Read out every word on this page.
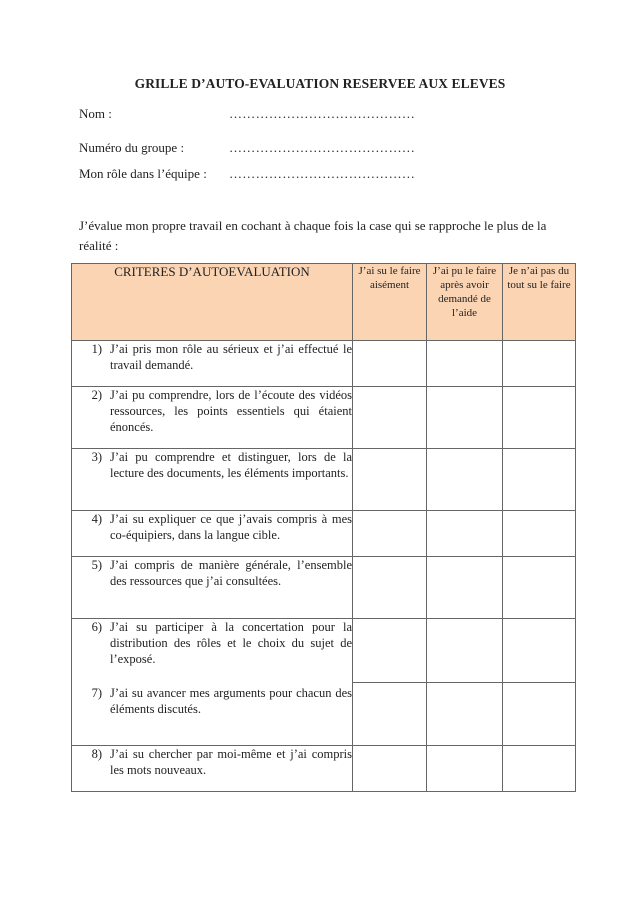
GRILLE D’AUTO-EVALUATION RESERVEE AUX ELEVES
Nom :	……………………………………
Numéro du groupe :	……………………………………
Mon rôle dans l’équipe : ……………………………………
J’évalue mon propre travail en cochant à chaque fois la case qui se rapproche le plus de la réalité :
CRITERES D’AUTOEVALUATION	J’ai su le faire aisément	J’ai pu le faire après avoir demandé de l’aide	Je n’ai pas du tout su le faire

1) J’ai pris mon rôle au sérieux et j’ai effectué le travail demandé.			

2) J’ai pu comprendre, lors de l’écoute des vidéos ressources, les points essentiels qui étaient énoncés.			

3) J’ai pu comprendre et distinguer, lors de la lecture des documents, les éléments importants.			

4) J’ai su expliquer ce que j’avais compris à mes co-équipiers, dans la langue cible.			

5) J’ai compris de manière générale, l’ensemble des ressources que j’ai consultées.			

6) J’ai su participer à la concertation pour la distribution des rôles et le choix du sujet de l’exposé.
7) J’ai su avancer mes arguments pour chacun des éléments discutés.			

8) J’ai su chercher par moi-même et j’ai compris les mots nouveaux.			
